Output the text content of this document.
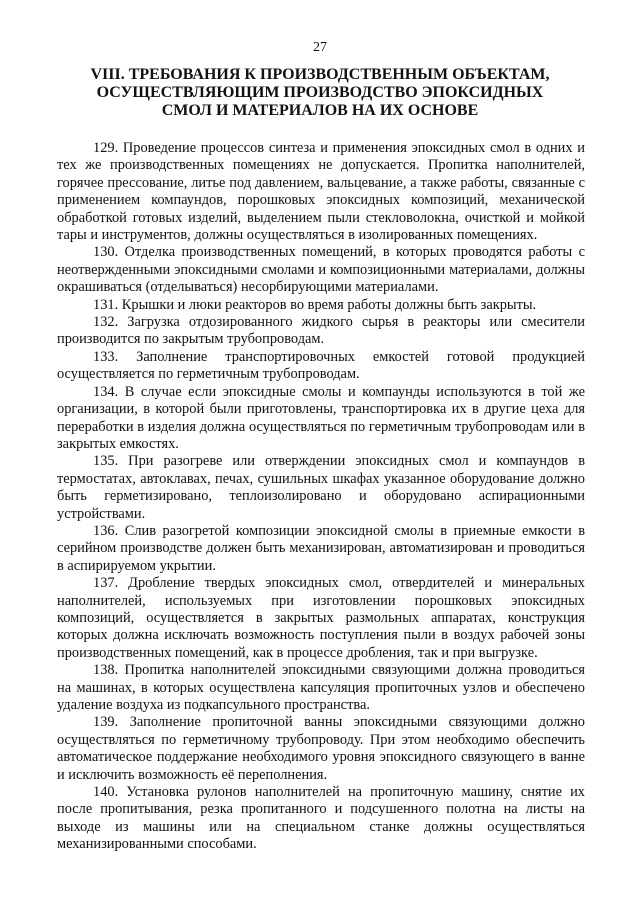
27
VIII. ТРЕБОВАНИЯ К ПРОИЗВОДСТВЕННЫМ ОБЪЕКТАМ, ОСУЩЕСТВЛЯЮЩИМ ПРОИЗВОДСТВО ЭПОКСИДНЫХ СМОЛ И МАТЕРИАЛОВ НА ИХ ОСНОВЕ

129. Проведение процессов синтеза и применения эпоксидных смол в одних и тех же производственных помещениях не допускается. Пропитка наполнителей, горячее прессование, литье под давлением, вальцевание, а также работы, связанные с применением компаундов, порошковых эпоксидных композиций, механической обработкой готовых изделий, выделением пыли стекловолокна, очисткой и мойкой тары и инструментов, должны осуществляться в изолированных помещениях.

130. Отделка производственных помещений, в которых проводятся работы с неотвержденными эпоксидными смолами и композиционными материалами, должны окрашиваться (отделываться) несорбирующими материалами.

131. Крышки и люки реакторов во время работы должны быть закрыты.

132. Загрузка отдозированного жидкого сырья в реакторы или смесители производится по закрытым трубопроводам.

133. Заполнение транспортировочных емкостей готовой продукцией осуществляется по герметичным трубопроводам.

134. В случае если эпоксидные смолы и компаунды используются в той же организации, в которой были приготовлены, транспортировка их в другие цеха для переработки в изделия должна осуществляться по герметичным трубопроводам или в закрытых емкостях.

135. При разогреве или отверждении эпоксидных смол и компаундов в термостатах, автоклавах, печах, сушильных шкафах указанное оборудование должно быть герметизировано, теплоизолировано и оборудовано аспирационными устройствами.

136. Слив разогретой композиции эпоксидной смолы в приемные емкости в серийном производстве должен быть механизирован, автоматизирован и проводиться в аспирируемом укрытии.

137. Дробление твердых эпоксидных смол, отвердителей и минеральных наполнителей, используемых при изготовлении порошковых эпоксидных композиций, осуществляется в закрытых размольных аппаратах, конструкция которых должна исключать возможность поступления пыли в воздух рабочей зоны производственных помещений, как в процессе дробления, так и при выгрузке.

138. Пропитка наполнителей эпоксидными связующими должна проводиться на машинах, в которых осуществлена капсуляция пропиточных узлов и обеспечено удаление воздуха из подкапсульного пространства.

139. Заполнение пропиточной ванны эпоксидными связующими должно осуществляться по герметичному трубопроводу. При этом необходимо обеспечить автоматическое поддержание необходимого уровня эпоксидного связующего в ванне и исключить возможность её переполнения.

140. Установка рулонов наполнителей на пропиточную машину, снятие их после пропитывания, резка пропитанного и подсушенного полотна на листы на выходе из машины или на специальном станке должны осуществляться механизированными способами.
